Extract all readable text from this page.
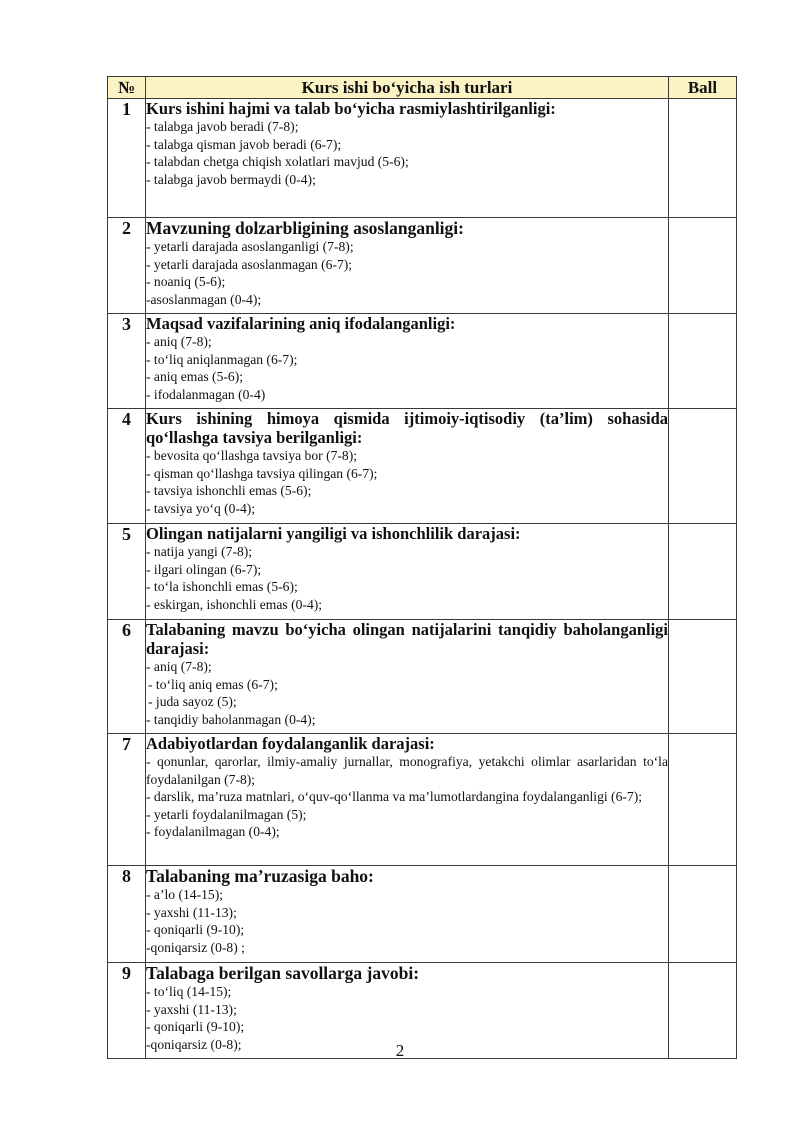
№	Kurs ishi bo‘yicha ish turlari	Ball
1	Kurs ishini hajmi va talab bo‘yicha rasmiylashtirilganligi:
- talabga javob beradi (7-8);
- talabga qisman javob beradi (6-7);
- talabdan chetga chiqish xolatlari mavjud (5-6);
- talabga javob bermaydi (0-4);	

2	Mavzuning dolzarbligining asoslanganligi:
- yetarli darajada asoslanganligi (7-8);
- yetarli darajada asoslanmagan (6-7);
- noaniq (5-6);
-asoslanmagan (0-4);	

3	Maqsad vazifalarining aniq ifodalanganligi:
- aniq (7-8);
- to‘liq aniqlanmagan (6-7);
- aniq emas (5-6);
- ifodalanmagan (0-4)	

4	Kurs ishining himoya qismida ijtimoiy-iqtisodiy (ta’lim) sohasida qo‘llashga tavsiya berilganligi:
- bevosita qo‘llashga tavsiya bor (7-8);
- qisman qo‘llashga tavsiya qilingan (6-7);
- tavsiya ishonchli emas (5-6);
- tavsiya yo‘q (0-4);	

5	Olingan natijalarni yangiligi va ishonchlilik darajasi:
- natija yangi (7-8);
- ilgari olingan (6-7);
- to‘la ishonchli emas (5-6);
- eskirgan, ishonchli emas (0-4);	

6	Talabaning mavzu bo‘yicha olingan natijalarini tanqidiy baholanganligi darajasi:
- aniq (7-8);
- to‘liq aniq emas (6-7);
- juda sayoz (5);
- tanqidiy baholanmagan (0-4);	

7	Adabiyotlardan foydalanganlik darajasi:
- qonunlar, qarorlar, ilmiy-amaliy jurnallar, monografiya, yetakchi olimlar asarlaridan to‘la foydalanilgan (7-8);
- darslik, ma’ruza matnlari, o‘quv-qo‘llanma va ma’lumotlardangina foydalanganligi (6-7);
- yetarli foydalanilmagan (5);
- foydalanilmagan (0-4);	

8	Talabaning ma’ruzasiga baho:
- a’lo (14-15);
- yaxshi (11-13);
- qoniqarli (9-10);
-qoniqarsiz (0-8) ;	

9	Talabaga berilgan savollarga javobi:
- to‘liq (14-15);
- yaxshi (11-13);
- qoniqarli (9-10);
-qoniqarsiz (0-8);	
		2
